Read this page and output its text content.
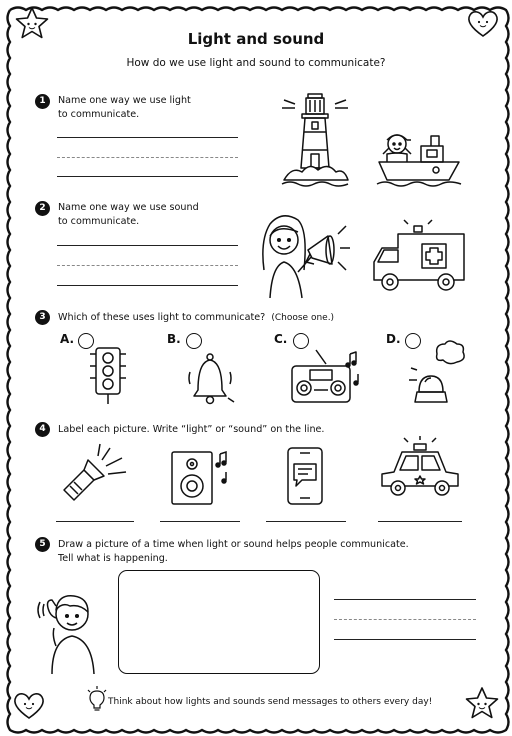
Light and sound
How do we use light and sound to communicate?
1	Name one way we use light
to communicate.
2	Name one way we use sound
to communicate.
3	Which of these uses light to communicate? (Choose one.)
A.	B.	C.	D.
4	Label each picture. Write “light” or “sound” on the line.
5	Draw a picture of a time when light or sound helps people communicate.
Tell what is happening.
Think about how lights and sounds send messages to others every day!
